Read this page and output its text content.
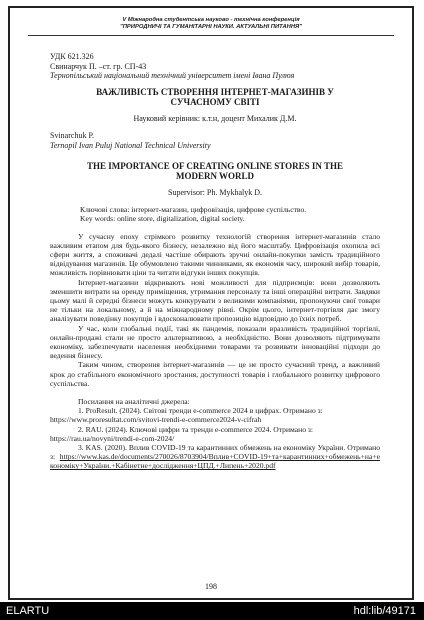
V Міжнародна студентська науково - технічна конференція
"ПРИРОДНИЧІ ТА ГУМАНІТАРНІ НАУКИ. АКТУАЛЬНІ ПИТАННЯ"
УДК 621.326
Свинарчук П. –ст. гр. СП-43
Тернопільський національний технічний університет імені Івана Пулюя
ВАЖЛИВІСТЬ СТВОРЕННЯ ІНТЕРНЕТ-МАГАЗИНІВ У
СУЧАСНОМУ СВІТІ
Науковий керівник: к.т.н, доцент Михалик Д.М.
Svinarchuk P.
Ternopil Ivan Puluj National Technical University
THE IMPORTANCE OF CREATING ONLINE STORES IN THE
MODERN WORLD
Supervisor: Ph. Mykhalyk D.
Ключові слова: інтернет-магазин, цифровізація, цифрове суспільство.
Key words: online store, digitalization, digital society.

У сучасну епоху стрімкого розвитку технологій створення інтернет-магазинів стало важливим етапом для будь-якого бізнесу, незалежно від його масштабу. Цифровізація охопила всі сфери життя, а споживачі дедалі частіше обирають зручні онлайн-покупки замість традиційного відвідування магазинів. Це обумовлено такими чинниками, як економія часу, широкий вибір товарів, можливість порівнювати ціни та читати відгуки інших покупців.

Інтернет-магазини відкривають нові можливості для підприємців: вони дозволяють зменшити витрати на оренду приміщення, утримання персоналу та інші операційні витрати. Завдяки цьому малі й середні бізнеси можуть конкурувати з великими компаніями, пропонуючи свої товари не тільки на локальному, а й на міжнародному рівні. Окрім цього, інтернет-торгівля дає змогу аналізувати поведінку покупців і вдосконалювати пропозицію відповідно до їхніх потреб.

У час, коли глобальні події, такі як пандемія, показали вразливість традиційної торгівлі, онлайн-продажі стали не просто альтернативою, а необхідністю. Вони дозволяють підтримувати економіку, забезпечувати населення необхідними товарами та розвивати інноваційні підходи до ведення бізнесу.

Таким чином, створення інтернет-магазинів — це не просто сучасний тренд, а важливий крок до стабільного економічного зростання, доступності товарів і глобального розвитку цифрового суспільства.

Посилання на аналітичні джерела:

1. ProResult. (2024). Світові тренди e-commerce 2024 в цифрах. Отримано з:

https://www.proresultat.com/svitovi-trendi-e-commerce2024-v-cifrah

2. RAU. (2024). Ключові цифри та тренди e-commerce 2024. Отримано з:

https://rau.ua/novyni/trendi-e-com-2024/

3. KAS. (2020). Вплив COVID-19 та карантинних обмежень на економіку України. Отримано з: https://www.kas.de/documents/270026/8703904/Вплив+COVID-19+та+карантинних+обмежень+на+економіку+України.+Кабінетне+дослідження+ЦПД.+Липень+2020.pdf

198
ELARTU	hdl:lib/49171
